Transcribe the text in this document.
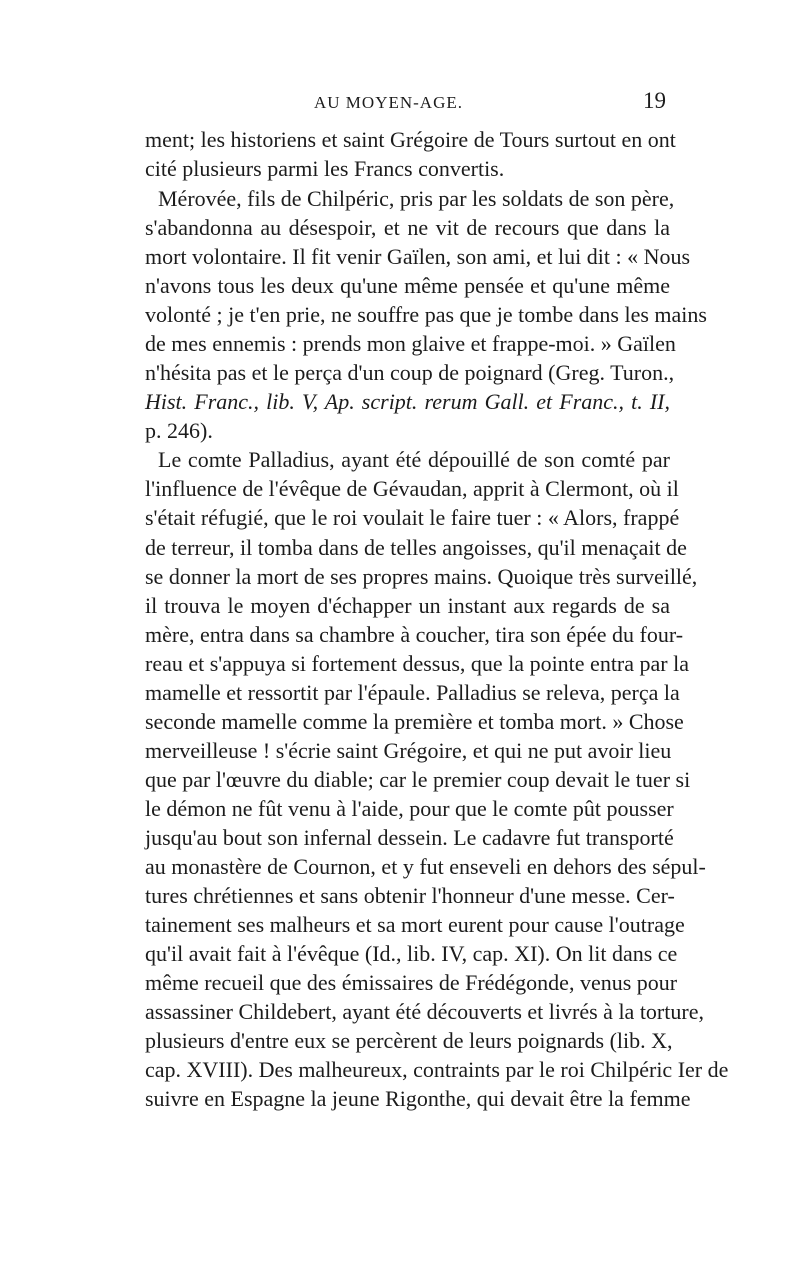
AU MOYEN-AGE.	19
ment; les historiens et saint Grégoire de Tours surtout en ont
cité plusieurs parmi les Francs convertis.
Mérovée, fils de Chilpéric, pris par les soldats de son père,
s'abandonna au désespoir, et ne vit de recours que dans la
mort volontaire. Il fit venir Gaïlen, son ami, et lui dit : « Nous
n'avons tous les deux qu'une même pensée et qu'une même
volonté ; je t'en prie, ne souffre pas que je tombe dans les mains
de mes ennemis : prends mon glaive et frappe-moi. » Gaïlen
n'hésita pas et le perça d'un coup de poignard (Greg. Turon.,
Hist. Franc., lib. V, Ap. script. rerum Gall. et Franc., t. II,
p. 246).
Le comte Palladius, ayant été dépouillé de son comté par
l'influence de l'évêque de Gévaudan, apprit à Clermont, où il
s'était réfugié, que le roi voulait le faire tuer : « Alors, frappé
de terreur, il tomba dans de telles angoisses, qu'il menaçait de
se donner la mort de ses propres mains. Quoique très surveillé,
il trouva le moyen d'échapper un instant aux regards de sa
mère, entra dans sa chambre à coucher, tira son épée du four-
reau et s'appuya si fortement dessus, que la pointe entra par la
mamelle et ressortit par l'épaule. Palladius se releva, perça la
seconde mamelle comme la première et tomba mort. » Chose
merveilleuse ! s'écrie saint Grégoire, et qui ne put avoir lieu
que par l'œuvre du diable; car le premier coup devait le tuer si
le démon ne fût venu à l'aide, pour que le comte pût pousser
jusqu'au bout son infernal dessein. Le cadavre fut transporté
au monastère de Cournon, et y fut enseveli en dehors des sépul-
tures chrétiennes et sans obtenir l'honneur d'une messe. Cer-
tainement ses malheurs et sa mort eurent pour cause l'outrage
qu'il avait fait à l'évêque (Id., lib. IV, cap. XI). On lit dans ce
même recueil que des émissaires de Frédégonde, venus pour
assassiner Childebert, ayant été découverts et livrés à la torture,
plusieurs d'entre eux se percèrent de leurs poignards (lib. X,
cap. XVIII). Des malheureux, contraints par le roi Chilpéric Ier de
suivre en Espagne la jeune Rigonthe, qui devait être la femme
